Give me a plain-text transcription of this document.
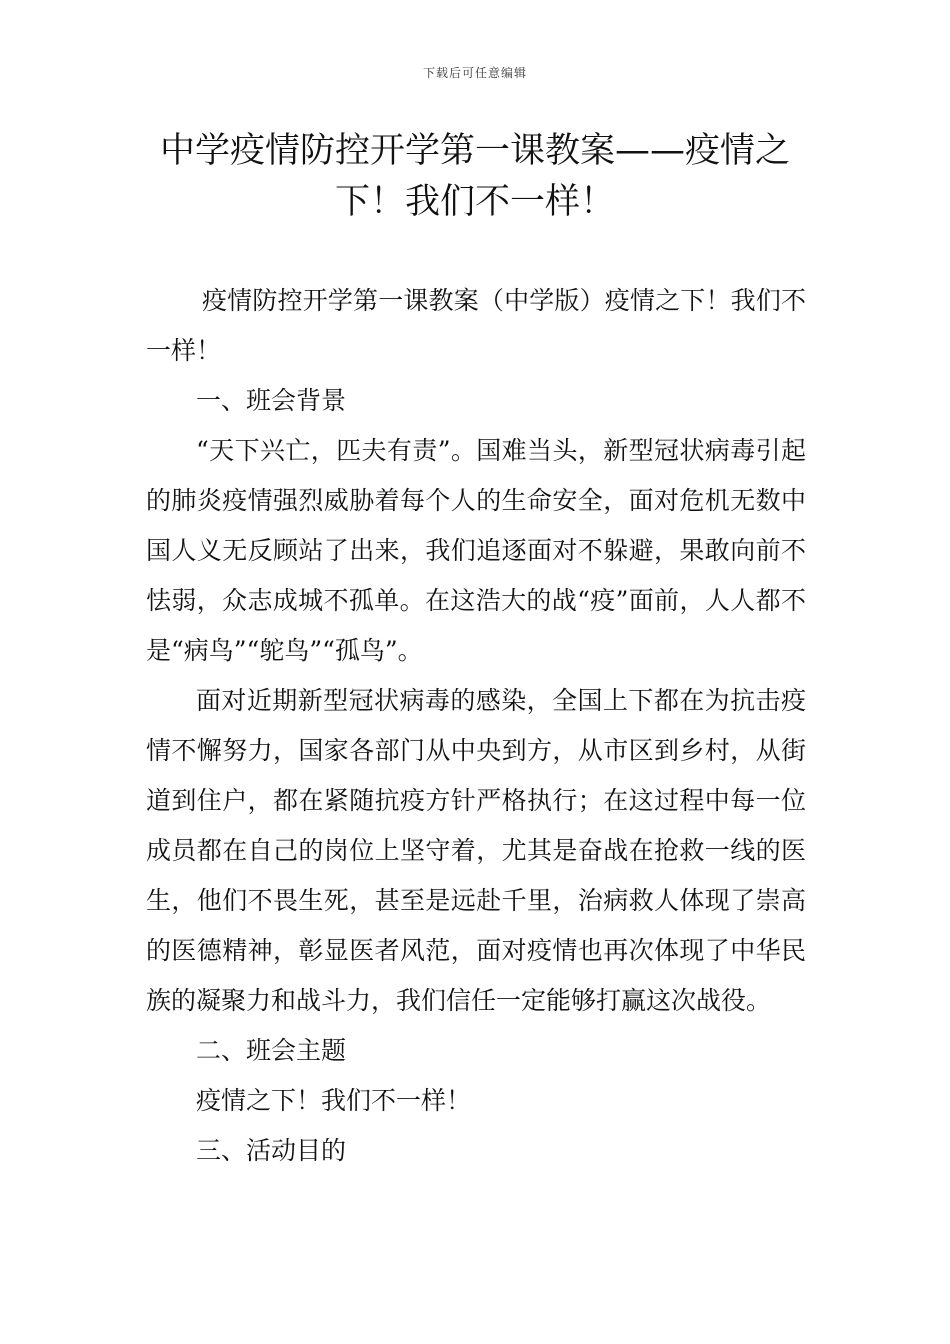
下载后可任意编辑
中学疫情防控开学第一课教案——疫情之下！我们不一样！

疫情防控开学第一课教案（中学版）疫情之下！我们不一样！

一、班会背景

“天下兴亡，匹夫有责”。国难当头，新型冠状病毒引起的肺炎疫情强烈威胁着每个人的生命安全，面对危机无数中国人义无反顾站了出来，我们追逐面对不躲避，果敢向前不怯弱，众志成城不孤单。在这浩大的战“疫”面前，人人都不是“病鸟”“鸵鸟”“孤鸟”。

面对近期新型冠状病毒的感染，全国上下都在为抗击疫情不懈努力，国家各部门从中央到方，从市区到乡村，从街道到住户，都在紧随抗疫方针严格执行；在这过程中每一位成员都在自己的岗位上坚守着，尤其是奋战在抢救一线的医生，他们不畏生死，甚至是远赴千里，治病救人体现了崇高的医德精神，彰显医者风范，面对疫情也再次体现了中华民族的凝聚力和战斗力，我们信任一定能够打赢这次战役。

二、班会主题

疫情之下！我们不一样！

三、活动目的
